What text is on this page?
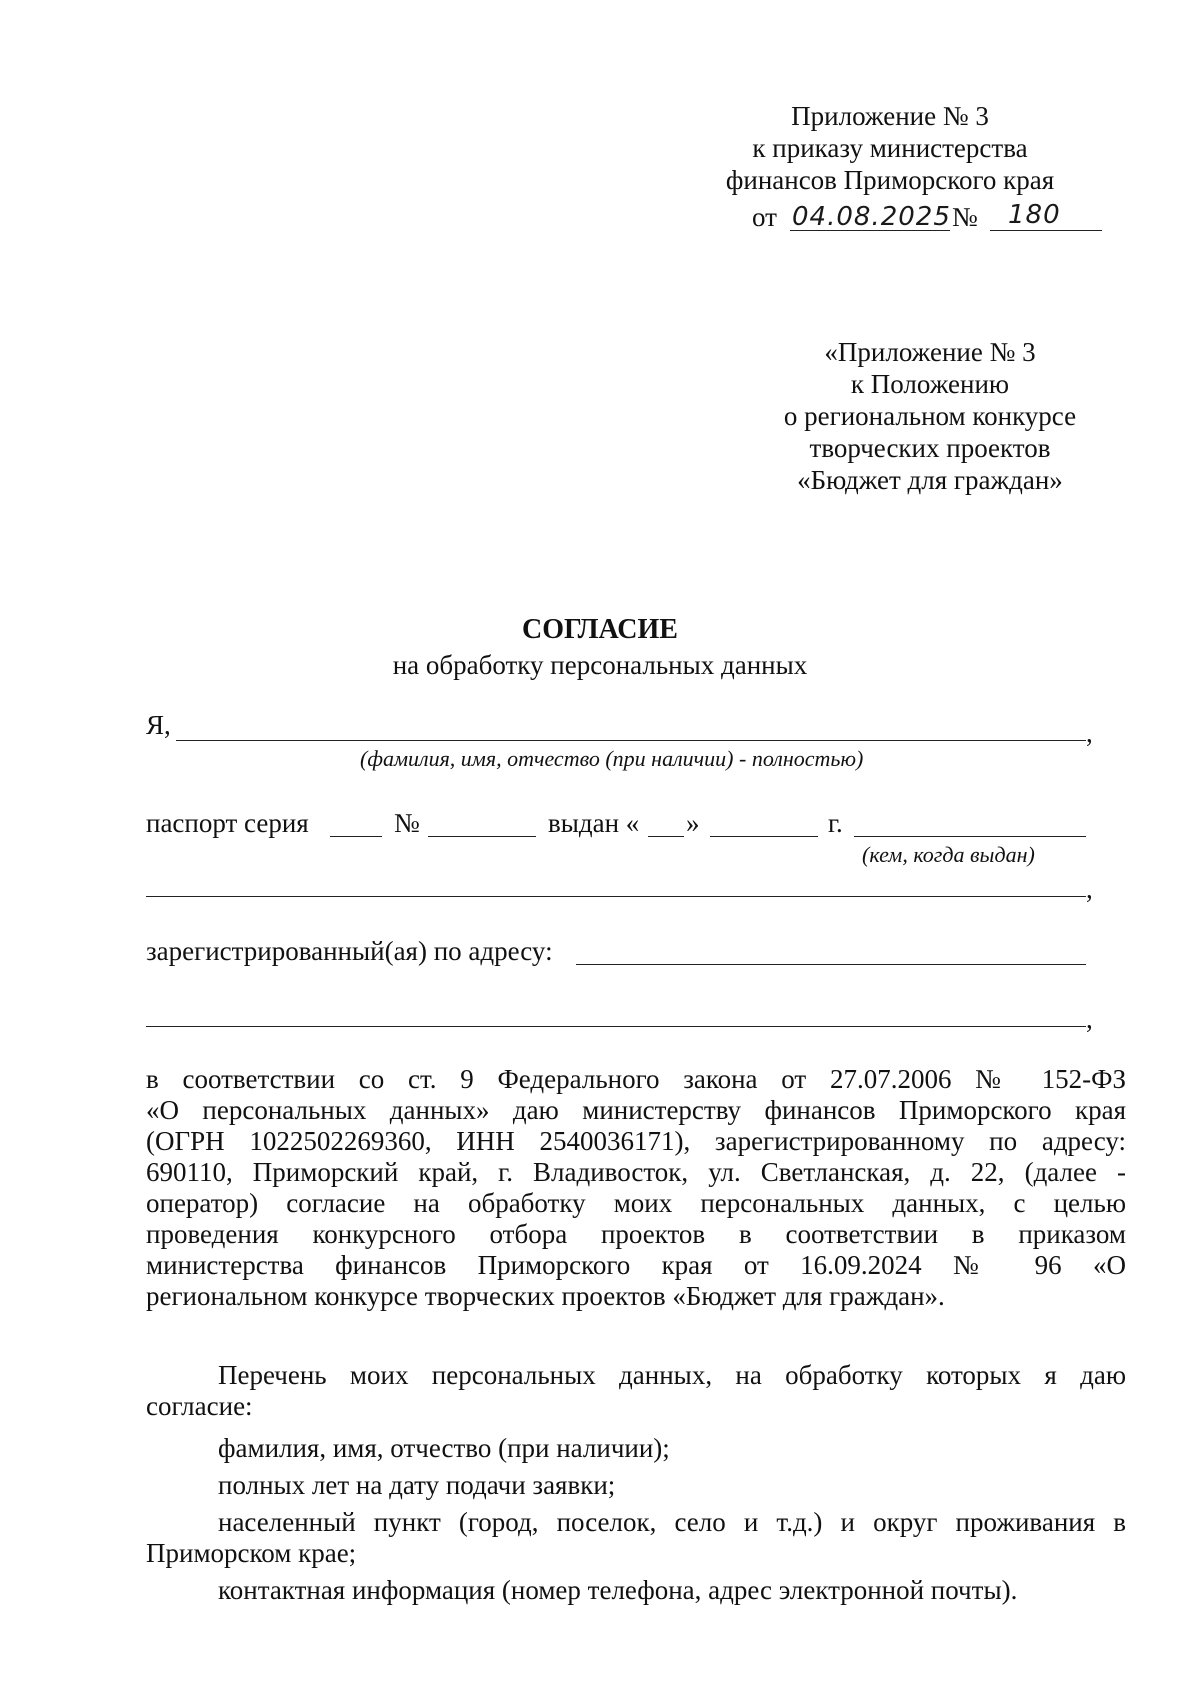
Приложение № 3
к приказу министерства
финансов Приморского края
от 04.08.2025 № 180
«Приложение № 3
к Положению
о региональном конкурсе
творческих проектов
«Бюджет для граждан»
СОГЛАСИЕ
на обработку персональных данных
Я,	,
(фамилия, имя, отчество (при наличии) - полностью)
паспорт серия	№	выдан « »	г.
(кем, когда выдан)
,
зарегистрированный(ая) по адресу:
,
в соответствии со ст. 9 Федерального закона от 27.07.2006 № 152-ФЗ
«О персональных данных» даю министерству финансов Приморского края
(ОГРН 1022502269360, ИНН 2540036171), зарегистрированному по адресу:
690110, Приморский край, г. Владивосток, ул. Светланская, д. 22, (далее -
оператор) согласие на обработку моих персональных данных, с целью
проведения конкурсного отбора проектов в соответствии в приказом
министерства финансов Приморского края от 16.09.2024 № 96 «О
региональном конкурсе творческих проектов «Бюджет для граждан».
Перечень моих персональных данных, на обработку которых я даю
согласие:
фамилия, имя, отчество (при наличии);
полных лет на дату подачи заявки;
населенный пункт (город, поселок, село и т.д.) и округ проживания в
Приморском крае;
контактная информация (номер телефона, адрес электронной почты).
